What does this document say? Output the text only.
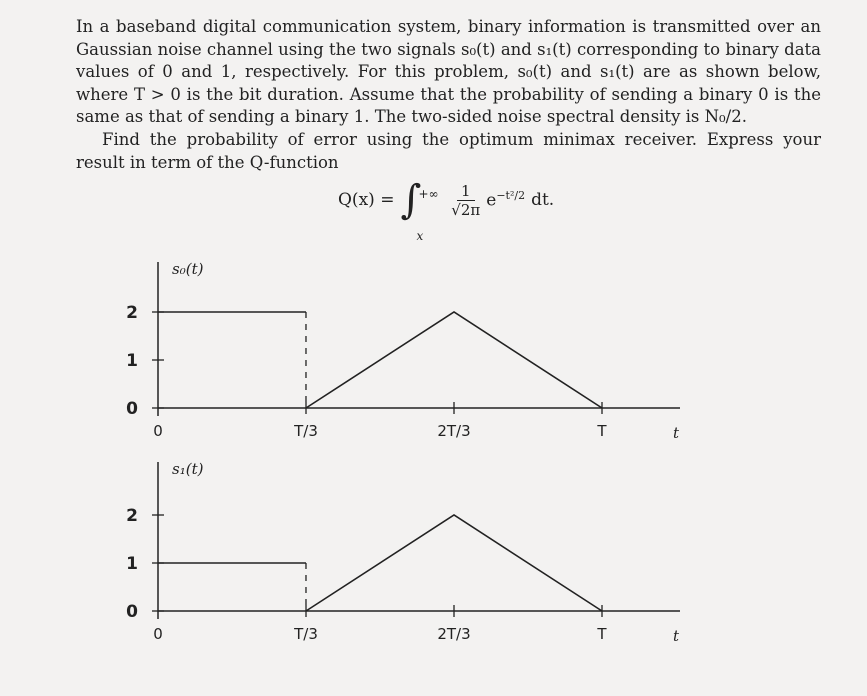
In a baseband digital communication system, binary information is transmitted over an Gaussian noise channel using the two signals s₀(t) and s₁(t) corresponding to binary data values of 0 and 1, respectively. For this problem, s₀(t) and s₁(t) are as shown below, where T > 0 is the bit duration. Assume that the probability of sending a binary 0 is the same as that of sending a binary 1. The two-sided noise spectral density is N₀/2.

Find the probability of error using the optimum minimax receiver. Express your result in term of the Q-function

Q(x) = ∫
+∞
x
$\frac{1}{√2\pi} e^{-t^2/2}$ dt.
0
1
2
0	T/3	2T/3	T	t
s₀(t)
0
1
2
0	T/3	2T/3	T	t
s₁(t)
